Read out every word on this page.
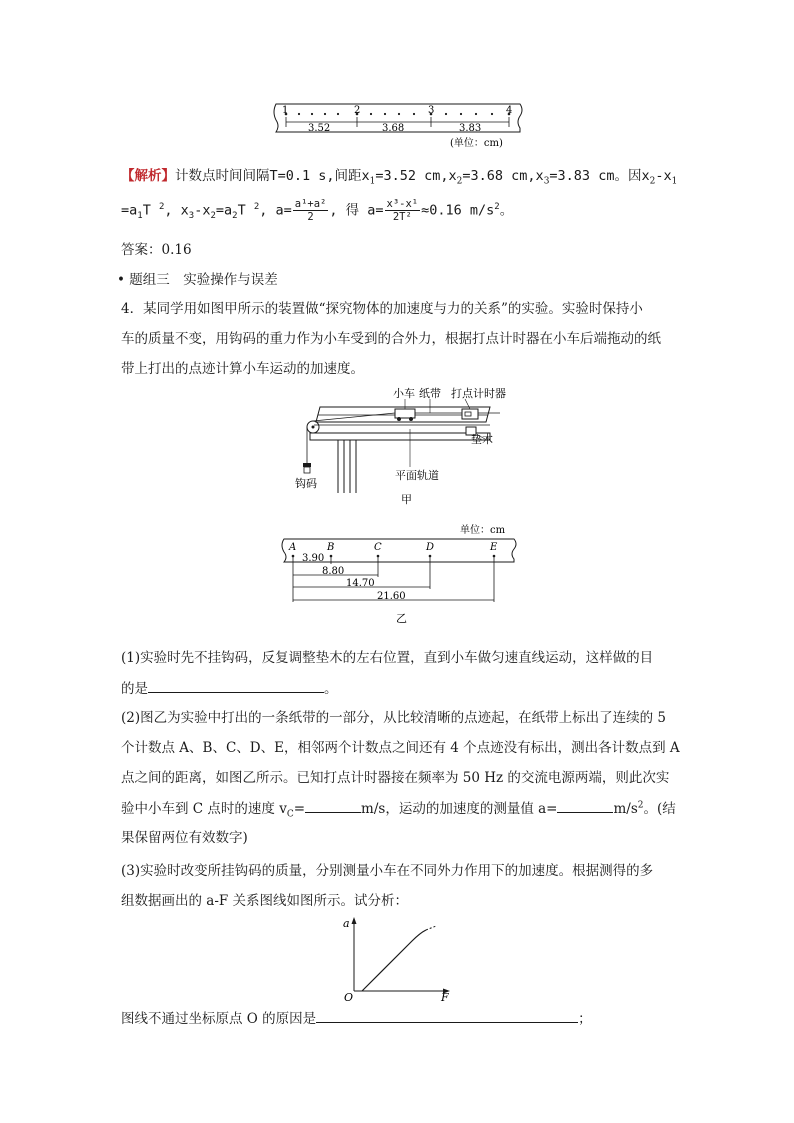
1	2	3	4
3.52	3.68	3.83
(单位：cm)
【解析】计数点时间间隔T=0.1 s,间距$x_1=3.52$ $cm,x_2=3.68$ $cm,x_3=3.83$ cm。因$x_2-x_1$
$=a_1T$ $^2$, $x_3-x_2=a_2T$ $^2$, $a= \frac{\text{a¹+a²}}{2}$ , 得 $a= \frac{\text{x³-x¹}}{\text{2T²}} \approx 0.16$ $m/s^2$。
答案：0.16
• 题组三　实验操作与误差
4．某同学用如图甲所示的装置做“探究物体的加速度与力的关系”的实验。实验时保持小
车的质量不变，用钩码的重力作为小车受到的合外力，根据打点计时器在小车后端拖动的纸
带上打出的点迹计算小车运动的加速度。
小车 纸带 打点计时器
垫木
平面轨道
钩码
甲
单位：cm
A	B	C	D	E
3.90
8.80
14.70
21.60
乙
(1)实验时先不挂钩码，反复调整垫木的左右位置，直到小车做匀速直线运动，这样做的目
的是	。
(2)图乙为实验中打出的一条纸带的一部分，从比较清晰的点迹起，在纸带上标出了连续的 5
个计数点 A、B、C、D、E，相邻两个计数点之间还有 4 个点迹没有标出，测出各计数点到 A
点之间的距离，如图乙所示。已知打点计时器接在频率为 50 Hz 的交流电源两端，则此次实
验中小车到 C 点时的速度 $v_C=$	m/s，运动的加速度的测量值 a=	$m/s^2$。(结
果保留两位有效数字)
(3)实验时改变所挂钩码的质量，分别测量小车在不同外力作用下的加速度。根据测得的多
组数据画出的 a-F 关系图线如图所示。试分析：
a
F
O
图线不通过坐标原点 O 的原因是	；
